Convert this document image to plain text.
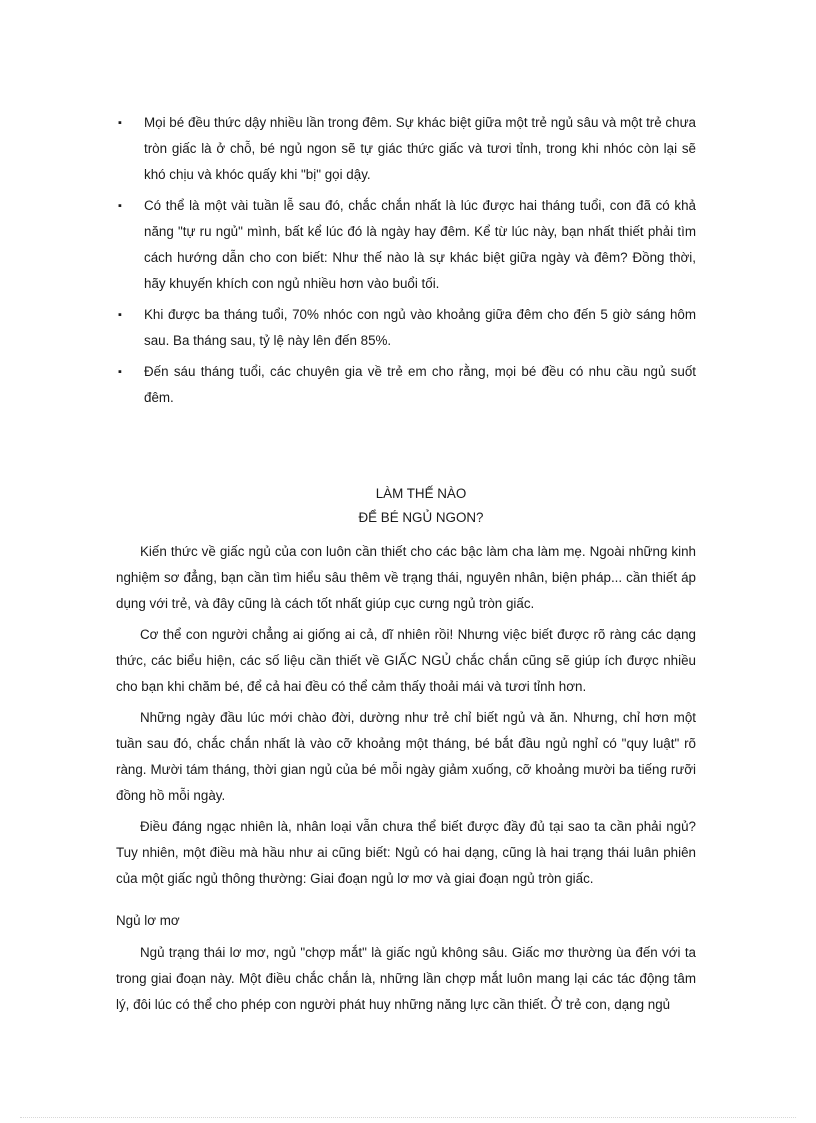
▪ Mọi bé đều thức dậy nhiều lần trong đêm. Sự khác biệt giữa một trẻ ngủ sâu và một trẻ chưa tròn giấc là ở chỗ, bé ngủ ngon sẽ tự giác thức giấc và tươi tỉnh, trong khi nhóc còn lại sẽ khó chịu và khóc quấy khi "bị" gọi dậy.
▪ Có thể là một vài tuần lễ sau đó, chắc chắn nhất là lúc được hai tháng tuổi, con đã có khả năng "tự ru ngủ" mình, bất kể lúc đó là ngày hay đêm. Kể từ lúc này, bạn nhất thiết phải tìm cách hướng dẫn cho con biết: Như thế nào là sự khác biệt giữa ngày và đêm? Đồng thời, hãy khuyến khích con ngủ nhiều hơn vào buổi tối.
▪ Khi được ba tháng tuổi, 70% nhóc con ngủ vào khoảng giữa đêm cho đến 5 giờ sáng hôm sau. Ba tháng sau, tỷ lệ này lên đến 85%.
▪ Đến sáu tháng tuổi, các chuyên gia về trẻ em cho rằng, mọi bé đều có nhu cầu ngủ suốt đêm.
LÀM THẾ NÀO
ĐỂ BÉ NGỦ NGON?

Kiến thức về giấc ngủ của con luôn cần thiết cho các bậc làm cha làm mẹ. Ngoài những kinh nghiệm sơ đẳng, bạn cần tìm hiểu sâu thêm về trạng thái, nguyên nhân, biện pháp... cần thiết áp dụng với trẻ, và đây cũng là cách tốt nhất giúp cục cưng ngủ tròn giấc.

Cơ thể con người chẳng ai giống ai cả, dĩ nhiên rồi! Nhưng việc biết được rõ ràng các dạng thức, các biểu hiện, các số liệu cần thiết về GIẤC NGỦ chắc chắn cũng sẽ giúp ích được nhiều cho bạn khi chăm bé, để cả hai đều có thể cảm thấy thoải mái và tươi tỉnh hơn.

Những ngày đầu lúc mới chào đời, dường như trẻ chỉ biết ngủ và ăn. Nhưng, chỉ hơn một tuần sau đó, chắc chắn nhất là vào cỡ khoảng một tháng, bé bắt đầu ngủ nghỉ có "quy luật" rõ ràng. Mười tám tháng, thời gian ngủ của bé mỗi ngày giảm xuống, cỡ khoảng mười ba tiếng rưỡi đồng hồ mỗi ngày.

Điều đáng ngạc nhiên là, nhân loại vẫn chưa thể biết được đầy đủ tại sao ta cần phải ngủ? Tuy nhiên, một điều mà hầu như ai cũng biết: Ngủ có hai dạng, cũng là hai trạng thái luân phiên của một giấc ngủ thông thường: Giai đoạn ngủ lơ mơ và giai đoạn ngủ tròn giấc.

Ngủ lơ mơ

Ngủ trạng thái lơ mơ, ngủ "chợp mắt" là giấc ngủ không sâu. Giấc mơ thường ùa đến với ta trong giai đoạn này. Một điều chắc chắn là, những lần chợp mắt luôn mang lại các tác động tâm lý, đôi lúc có thể cho phép con người phát huy những năng lực cần thiết. Ở trẻ con, dạng ngủ
